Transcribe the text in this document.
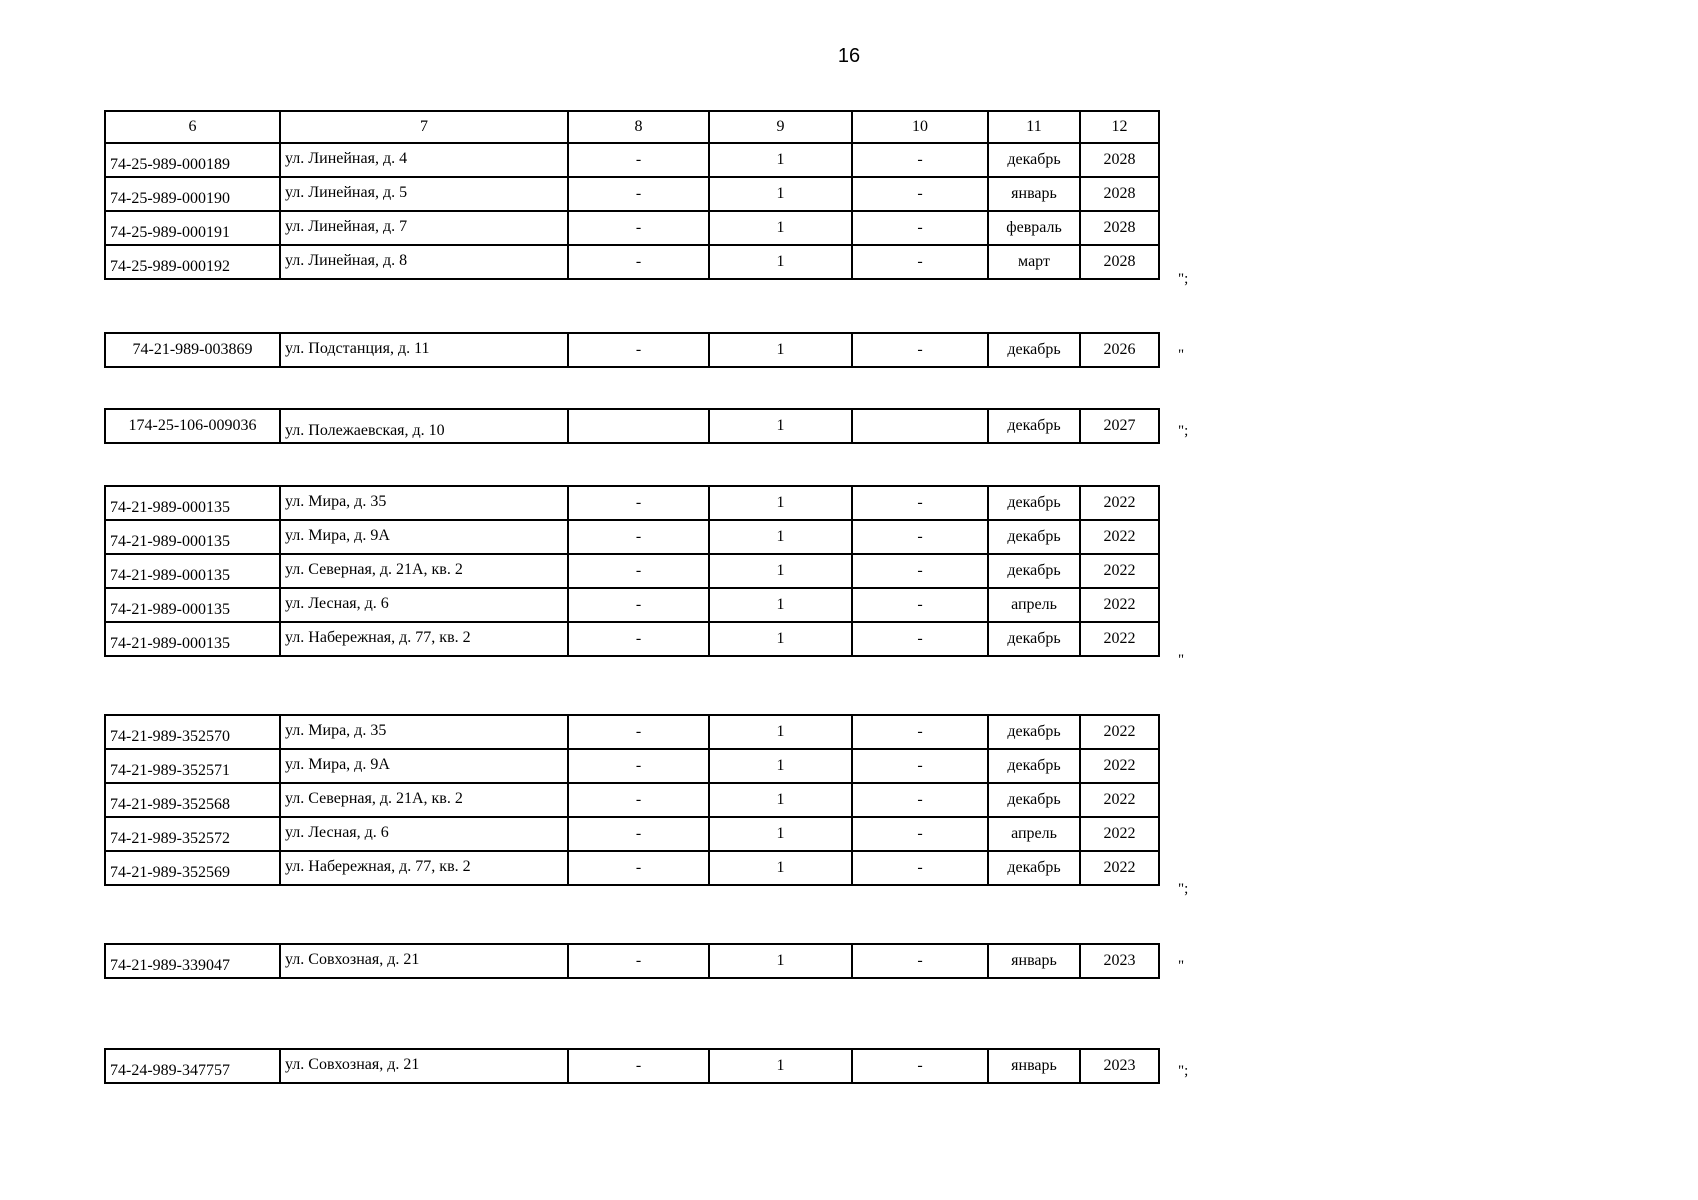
16
6	7	8	9	10	11	12
74-25-989-000189	ул. Линейная, д. 4	-	1	-	декабрь	2028
74-25-989-000190	ул. Линейная, д. 5	-	1	-	январь	2028
74-25-989-000191	ул. Линейная, д. 7	-	1	-	февраль	2028
74-25-989-000192	ул. Линейная, д. 8	-	1	-	март	2028
";
74-21-989-003869	ул. Подстанция, д. 11	-	1	-	декабрь	2026	"
174-25-106-009036	ул. Полежаевская, д. 10		1		декабрь	2027	";
74-21-989-000135	ул. Мира, д. 35	-	1	-	декабрь	2022
74-21-989-000135	ул. Мира, д. 9А	-	1	-	декабрь	2022
74-21-989-000135	ул. Северная, д. 21А, кв. 2	-	1	-	декабрь	2022
74-21-989-000135	ул. Лесная, д. 6	-	1	-	апрель	2022
74-21-989-000135	ул. Набережная, д. 77, кв. 2	-	1	-	декабрь	2022
"
74-21-989-352570	ул. Мира, д. 35	-	1	-	декабрь	2022
74-21-989-352571	ул. Мира, д. 9А	-	1	-	декабрь	2022
74-21-989-352568	ул. Северная, д. 21А, кв. 2	-	1	-	декабрь	2022
74-21-989-352572	ул. Лесная, д. 6	-	1	-	апрель	2022
74-21-989-352569	ул. Набережная, д. 77, кв. 2	-	1	-	декабрь	2022
";
74-21-989-339047	ул. Совхозная, д. 21	-	1	-	январь	2023	"
74-24-989-347757	ул. Совхозная, д. 21	-	1	-	январь	2023	";
